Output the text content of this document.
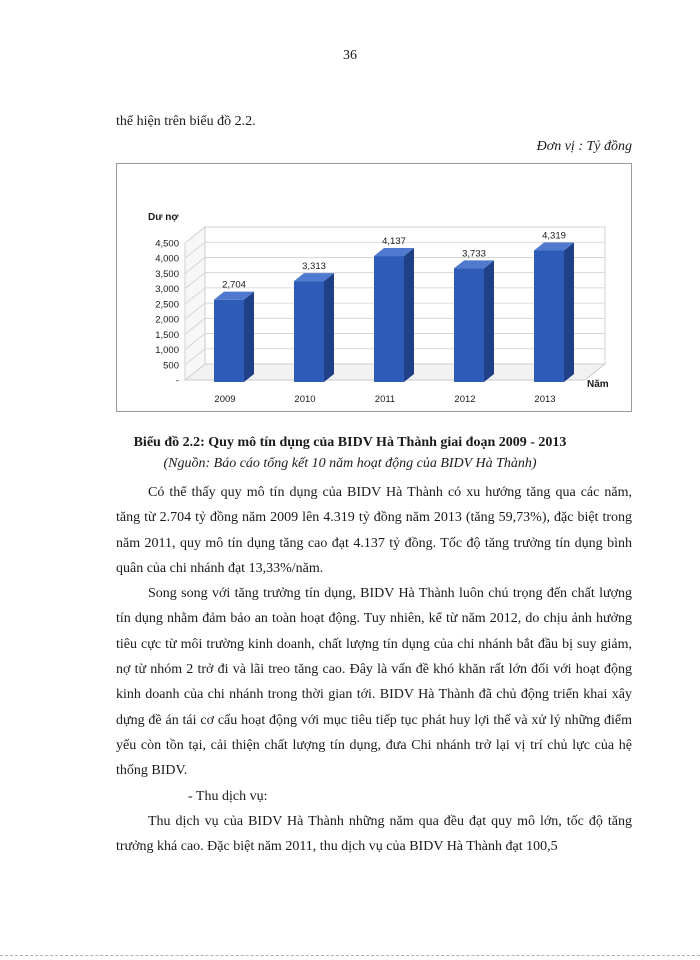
36
thể hiện trên biểu đồ 2.2.
Đơn vị : Tỷ đồng
2,704
3,313
4,137
3,733
4,319
-
500
1,000
1,500
2,000
2,500
3,000
3,500
4,000
4,500
2009	2010	2011	2012	2013
Dư nợ
Năm
Biểu đồ 2.2: Quy mô tín dụng của BIDV Hà Thành giai đoạn 2009 - 2013
(Nguồn: Báo cáo tổng kết 10 năm hoạt động của BIDV Hà Thành)

Có thể thấy quy mô tín dụng của BIDV Hà Thành có xu hướng tăng qua các năm, tăng từ 2.704 tỷ đồng năm 2009 lên 4.319 tỷ đồng năm 2013 (tăng 59,73%), đặc biệt trong năm 2011, quy mô tín dụng tăng cao đạt 4.137 tỷ đồng. Tốc độ tăng trưởng tín dụng bình quân của chi nhánh đạt 13,33%/năm.

Song song với tăng trưởng tín dụng, BIDV Hà Thành luôn chú trọng đến chất lượng tín dụng nhằm đảm bảo an toàn hoạt động. Tuy nhiên, kể từ năm 2012, do chịu ảnh hưởng tiêu cực từ môi trường kinh doanh, chất lượng tín dụng của chi nhánh bắt đầu bị suy giảm, nợ từ nhóm 2 trở đi và lãi treo tăng cao. Đây là vấn đề khó khăn rất lớn đối với hoạt động kinh doanh của chi nhánh trong thời gian tới. BIDV Hà Thành đã chủ động triển khai xây dựng đề án tái cơ cấu hoạt động với mục tiêu tiếp tục phát huy lợi thế và xử lý những điểm yếu còn tồn tại, cải thiện chất lượng tín dụng, đưa Chi nhánh trở lại vị trí chủ lực của hệ thống BIDV.

- Thu dịch vụ:

Thu dịch vụ của BIDV Hà Thành những năm qua đều đạt quy mô lớn, tốc độ tăng trưởng khá cao. Đặc biệt năm 2011, thu dịch vụ của BIDV Hà Thành đạt 100,5
